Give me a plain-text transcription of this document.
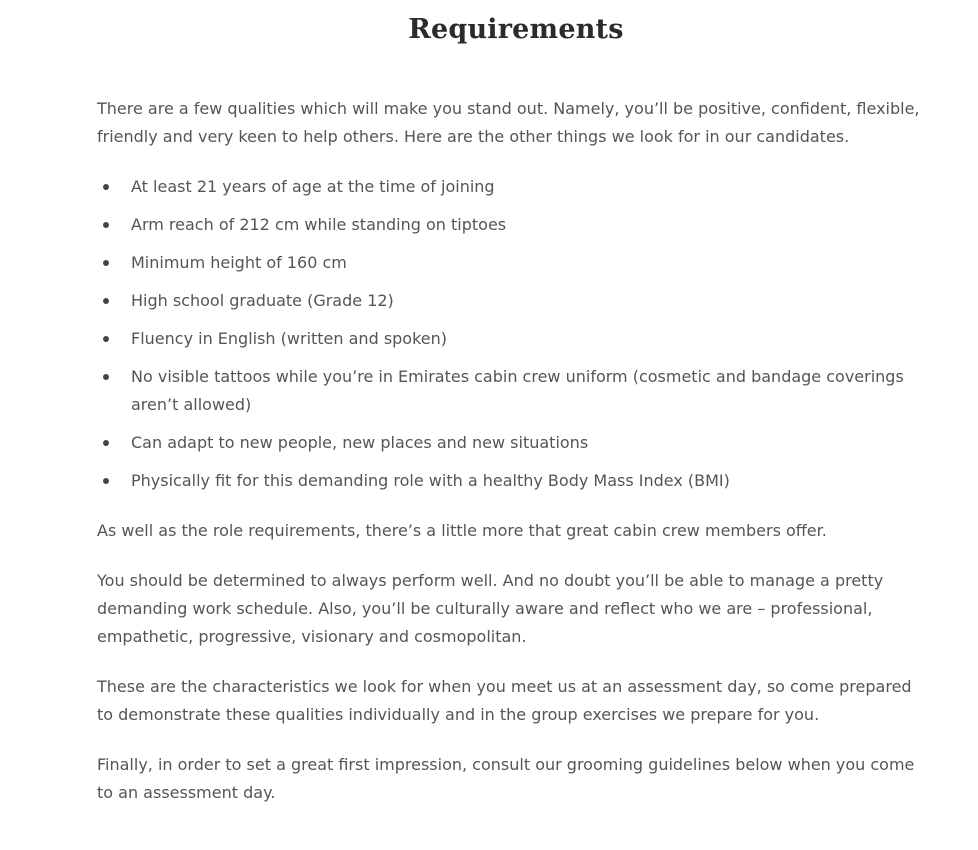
Requirements

There are a few qualities which will make you stand out. Namely, you’ll be positive, confident, flexible, friendly and very keen to help others. Here are the other things we look for in our candidates.

At least 21 years of age at the time of joining
Arm reach of 212 cm while standing on tiptoes
Minimum height of 160 cm
High school graduate (Grade 12)
Fluency in English (written and spoken)
No visible tattoos while you’re in Emirates cabin crew uniform (cosmetic and bandage coverings aren’t allowed)
Can adapt to new people, new places and new situations
Physically fit for this demanding role with a healthy Body Mass Index (BMI)

As well as the role requirements, there’s a little more that great cabin crew members offer.

You should be determined to always perform well. And no doubt you’ll be able to manage a pretty demanding work schedule. Also, you’ll be culturally aware and reflect who we are – professional, empathetic, progressive, visionary and cosmopolitan.

These are the characteristics we look for when you meet us at an assessment day, so come prepared to demonstrate these qualities individually and in the group exercises we prepare for you.

Finally, in order to set a great first impression, consult our grooming guidelines below when you come to an assessment day.
